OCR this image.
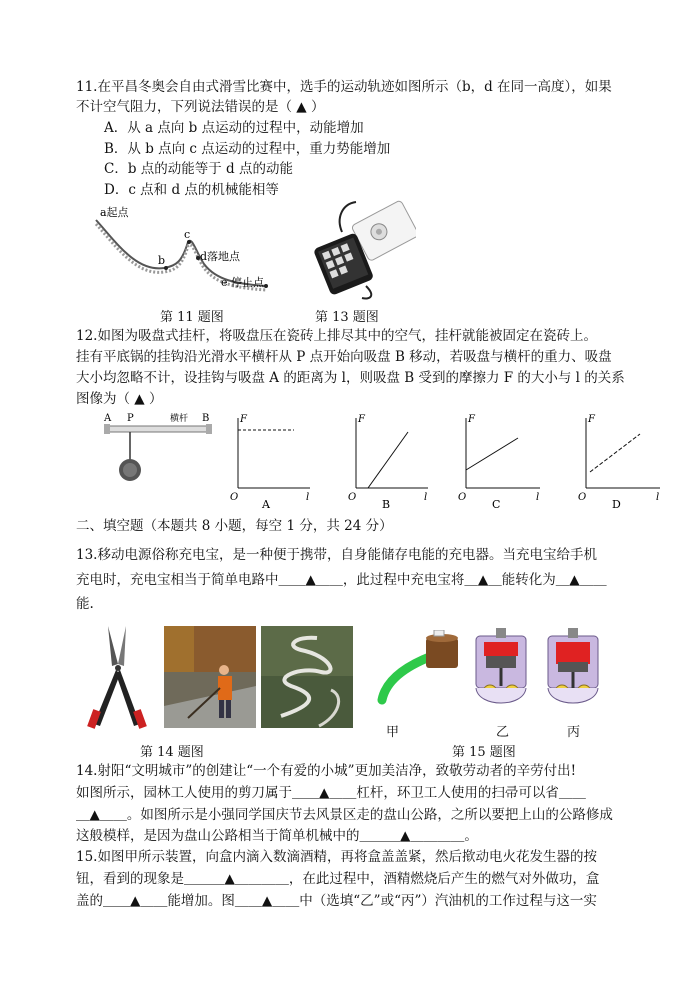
11.在平昌冬奥会自由式滑雪比赛中，选手的运动轨迹如图所示（b，d 在同一高度），如果
不计空气阻力，下列说法错误的是（ ▲ ）
A．从 a 点向 b 点运动的过程中，动能增加
B．从 b 点向 c 点运动的过程中，重力势能增加
C．b 点的动能等于 d 点的动能
D．c 点和 d 点的机械能相等
a起点
b
c
d落地点
e 停止点
第 11 题图	第 13 题图
12.如图为吸盘式挂杆，将吸盘压在瓷砖上排尽其中的空气，挂杆就能被固定在瓷砖上。
挂有平底锅的挂钩沿光滑水平横杆从 P 点开始向吸盘 B 移动，若吸盘与横杆的重力、吸盘
大小均忽略不计，设挂钩与吸盘 A 的距离为 l，则吸盘 B 受到的摩擦力 F 的大小与 l 的关系
图像为（ ▲ ）
A P	横杆 B	F
l
O
A
F
l
O
B
F
l
O
C
F
l
O
D
二、填空题（本题共 8 小题，每空 1 分，共 24 分）
13.移动电源俗称充电宝，是一种便于携带，自身能储存电能的充电器。当充电宝给手机
充电时，充电宝相当于简单电路中＿＿▲＿＿，此过程中充电宝将＿▲＿能转化为＿▲＿＿
能.
甲	乙	丙
第 14 题图	第 15 题图
14.射阳“文明城市”的创建让“一个有爱的小城”更加美洁净，致敬劳动者的辛劳付出!
如图所示，园林工人使用的剪刀属于＿＿▲＿＿杠杆，环卫工人使用的扫帚可以省＿＿
＿▲＿＿。如图所示是小强同学国庆节去风景区走的盘山公路，之所以要把上山的公路修成
这般模样，是因为盘山公路相当于简单机械中的＿＿＿▲＿＿＿＿。
15.如图甲所示装置，向盒内滴入数滴酒精，再将盒盖盖紧，然后揿动电火花发生器的按
钮，看到的现象是＿＿＿▲＿＿＿＿，在此过程中，酒精燃烧后产生的燃气对外做功，盒
盖的＿＿▲＿＿能增加。图＿＿▲＿＿中（选填“乙”或“丙”）汽油机的工作过程与这一实
